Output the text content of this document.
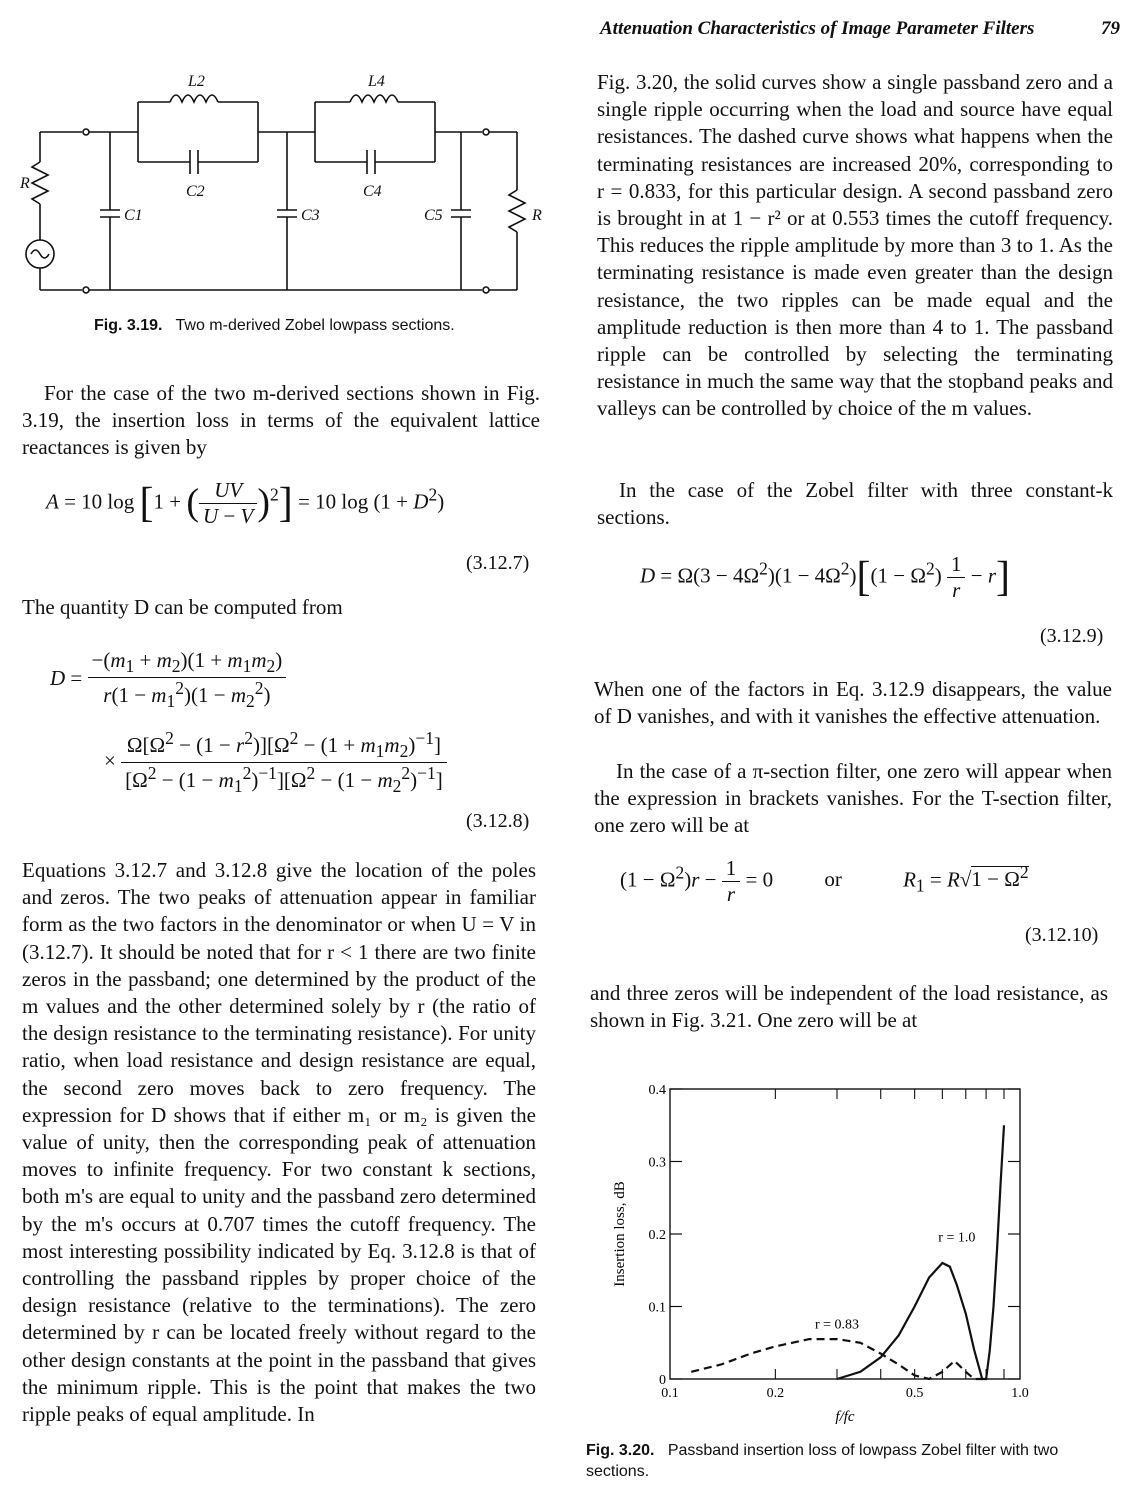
Attenuation Characteristics of Image Parameter Filters	79
L2	L4
C2	C4
C1	C3	C5
R
R
Fig. 3.19. Two m-derived Zobel lowpass sections.

For the case of the two m-derived sections shown in Fig. 3.19, the insertion loss in terms of the equivalent lattice reactances is given by

A = 10 log [1 + ( $\frac{UV}{U - V} )^2] = 10$ $\log (1 + D^2)$
(3.12.7)

The quantity D can be computed from

$D = \frac{-(m_1 + m_2)(1 + m_1m_2)}{r(1 - m_1^2)(1 - m_2^2)}$
× $\frac{\Omega[\Omega^2 - (1 - r^2)][\Omega^2 - (1 + m_1m_2)^{-1}]}{[\Omega^2 - (1 - m_1^2)^{-1}][\Omega^2 - (1 - m_2^2)^{-1}]}$
(3.12.8)

Equations 3.12.7 and 3.12.8 give the location of the poles and zeros. The two peaks of attenuation appear in familiar form as the two factors in the denominator or when U = V in (3.12.7). It should be noted that for r < 1 there are two finite zeros in the passband; one determined by the product of the m values and the other determined solely by r (the ratio of the design resistance to the terminating resistance). For unity ratio, when load resistance and design resistance are equal, the second zero moves back to zero frequency. The expression for D shows that if either m₁ or m₂ is given the value of unity, then the corresponding peak of attenuation moves to infinite frequency. For two constant k sections, both m's are equal to unity and the passband zero determined by the m's occurs at 0.707 times the cutoff frequency. The most interesting possibility indicated by Eq. 3.12.8 is that of controlling the passband ripples by proper choice of the design resistance (relative to the terminations). The zero determined by r can be located freely without regard to the other design constants at the point in the passband that gives the minimum ripple. This is the point that makes the two ripple peaks of equal amplitude. In

Fig. 3.20, the solid curves show a single passband zero and a single ripple occurring when the load and source have equal resistances. The dashed curve shows what happens when the terminating resistances are increased 20%, corresponding to r = 0.833, for this particular design. A second passband zero is brought in at 1 − r² or at 0.553 times the cutoff frequency. This reduces the ripple amplitude by more than 3 to 1. As the terminating resistance is made even greater than the design resistance, the two ripples can be made equal and the amplitude reduction is then more than 4 to 1. The passband ripple can be controlled by selecting the terminating resistance in much the same way that the stopband peaks and valleys can be controlled by choice of the m values.

In the case of the Zobel filter with three constant-k sections.

$D = \Omega(3 - 4\Omega^2)(1 - 4\Omega^2)[(1 - \Omega^2) \frac{1}{r} - r]$
(3.12.9)

When one of the factors in Eq. 3.12.9 disappears, the value of D vanishes, and with it vanishes the effective attenuation.

In the case of a π-section filter, one zero will appear when the expression in brackets vanishes. For the T-section filter, one zero will be at

$(1 - \Omega^2)r - \frac{1}{r} = 0$ or	$R_1 = R√1 - \Omega^2$
(3.12.10)

and three zeros will be independent of the load resistance, as shown in Fig. 3.21. One zero will be at

0
0.1
0.2
0.3
0.4
0.1	0.2	0.5	1.0
f/fc
Insertion loss, dB	r = 1.0
r = 0.83
Fig. 3.20. Passband insertion loss of lowpass Zobel filter with two sections.
